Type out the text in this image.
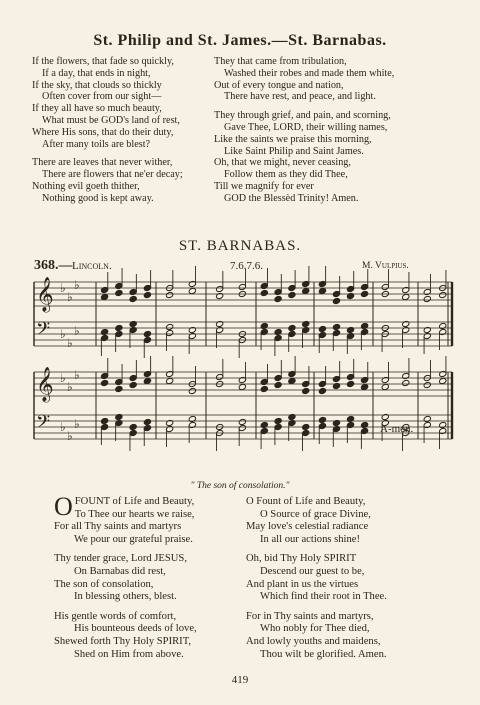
St. Philip and St. James.—St. Barnabas.
If the flowers, that fade so quickly,
If a day, that ends in night,
If the sky, that clouds so thickly
Often cover from our sight—
If they all have so much beauty,
What must be GOD's land of rest,
Where His sons, that do their duty,
After many toils are blest?
There are leaves that never wither,
There are flowers that ne'er decay;
Nothing evil goeth thither,
Nothing good is kept away.
They that came from tribulation,
Washed their robes and made them white,
Out of every tongue and nation,
There have rest, and peace, and light.
They through grief, and pain, and scorning,
Gave Thee, LORD, their willing names,
Like the saints we praise this morning,
Like Saint Philip and Saint James.
Oh, that we might, never ceasing,
Follow them as they did Thee,
Till we magnify for ever
GOD the Blessèd Trinity! Amen.
ST. BARNABAS.
368.— Lincoln.	7.6.7.6.	M. Vulpius.
𝄞 ♭
♭
♭
𝄢 ♭
♭
♭
𝄞 ♭
♭
♭
𝄢 ♭
♭
♭	A-men.
" The son of consolation."
OFOUNT of Life and Beauty,
To Thee our hearts we raise,
For all Thy saints and martyrs
We pour our grateful praise.
Thy tender grace, Lord JESUS,
On Barnabas did rest,
The son of consolation,
In blessing others, blest.
His gentle words of comfort,
His bounteous deeds of love,
Shewed forth Thy Holy SPIRIT,
Shed on Him from above.
O Fount of Life and Beauty,
O Source of grace Divine,
May love's celestial radiance
In all our actions shine!
Oh, bid Thy Holy SPIRIT
Descend our guest to be,
And plant in us the virtues
Which find their root in Thee.
For in Thy saints and martyrs,
Who nobly for Thee died,
And lowly youths and maidens,
Thou wilt be glorified. Amen.
419
